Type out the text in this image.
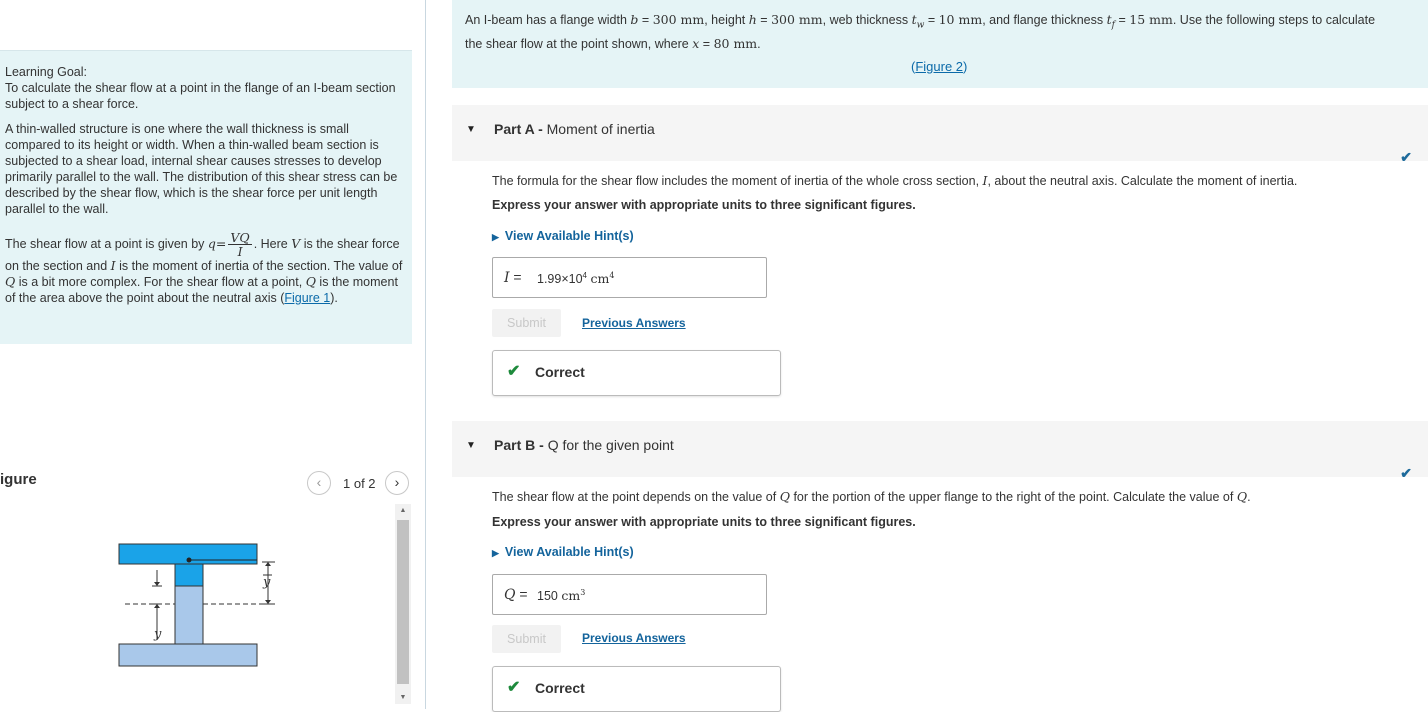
Learning Goal:
To calculate the shear flow at a point in the flange of an I-beam section subject to a shear force.

A thin-walled structure is one where the wall thickness is small compared to its height or width. When a thin-walled beam section is subjected to a shear load, internal shear causes stresses to develop primarily parallel to the wall. The distribution of this shear stress can be described by the shear flow, which is the shear force per unit length parallel to the wall.

The shear flow at a point is given by $q= \frac{VQ}{I}$ . Here V is the shear force on the section and I is the moment of inertia of the section. The value of Q is a bit more complex. For the shear flow at a point, Q is the moment of the area above the point about the neutral axis (Figure 1).

igure	‹	1 of 2	›
▲
▼
y
y
An I-beam has a flange width b = 300 mm, height h = 300 mm, web thickness $t_w = 10$ mm, and flange thickness $t_f = 15$ mm. Use the following steps to calculate the shear flow at the point shown, where x = 80 mm.
(Figure 2)
▼ Part A - Moment of inertia
✔
The formula for the shear flow includes the moment of inertia of the whole cross section, I, about the neutral axis. Calculate the moment of inertia.
Express your answer with appropriate units to three significant figures.
▶ View Available Hint(s)
$I = 1.99\times 10^4$ $cm^4$
Submit	Previous Answers
✔ Correct
▼ Part B - Q for the given point
✔
The shear flow at the point depends on the value of Q for the portion of the upper flange to the right of the point. Calculate the value of Q.
Express your answer with appropriate units to three significant figures.
▶ View Available Hint(s)
Q = 150 $cm^3$
Submit	Previous Answers
✔ Correct
